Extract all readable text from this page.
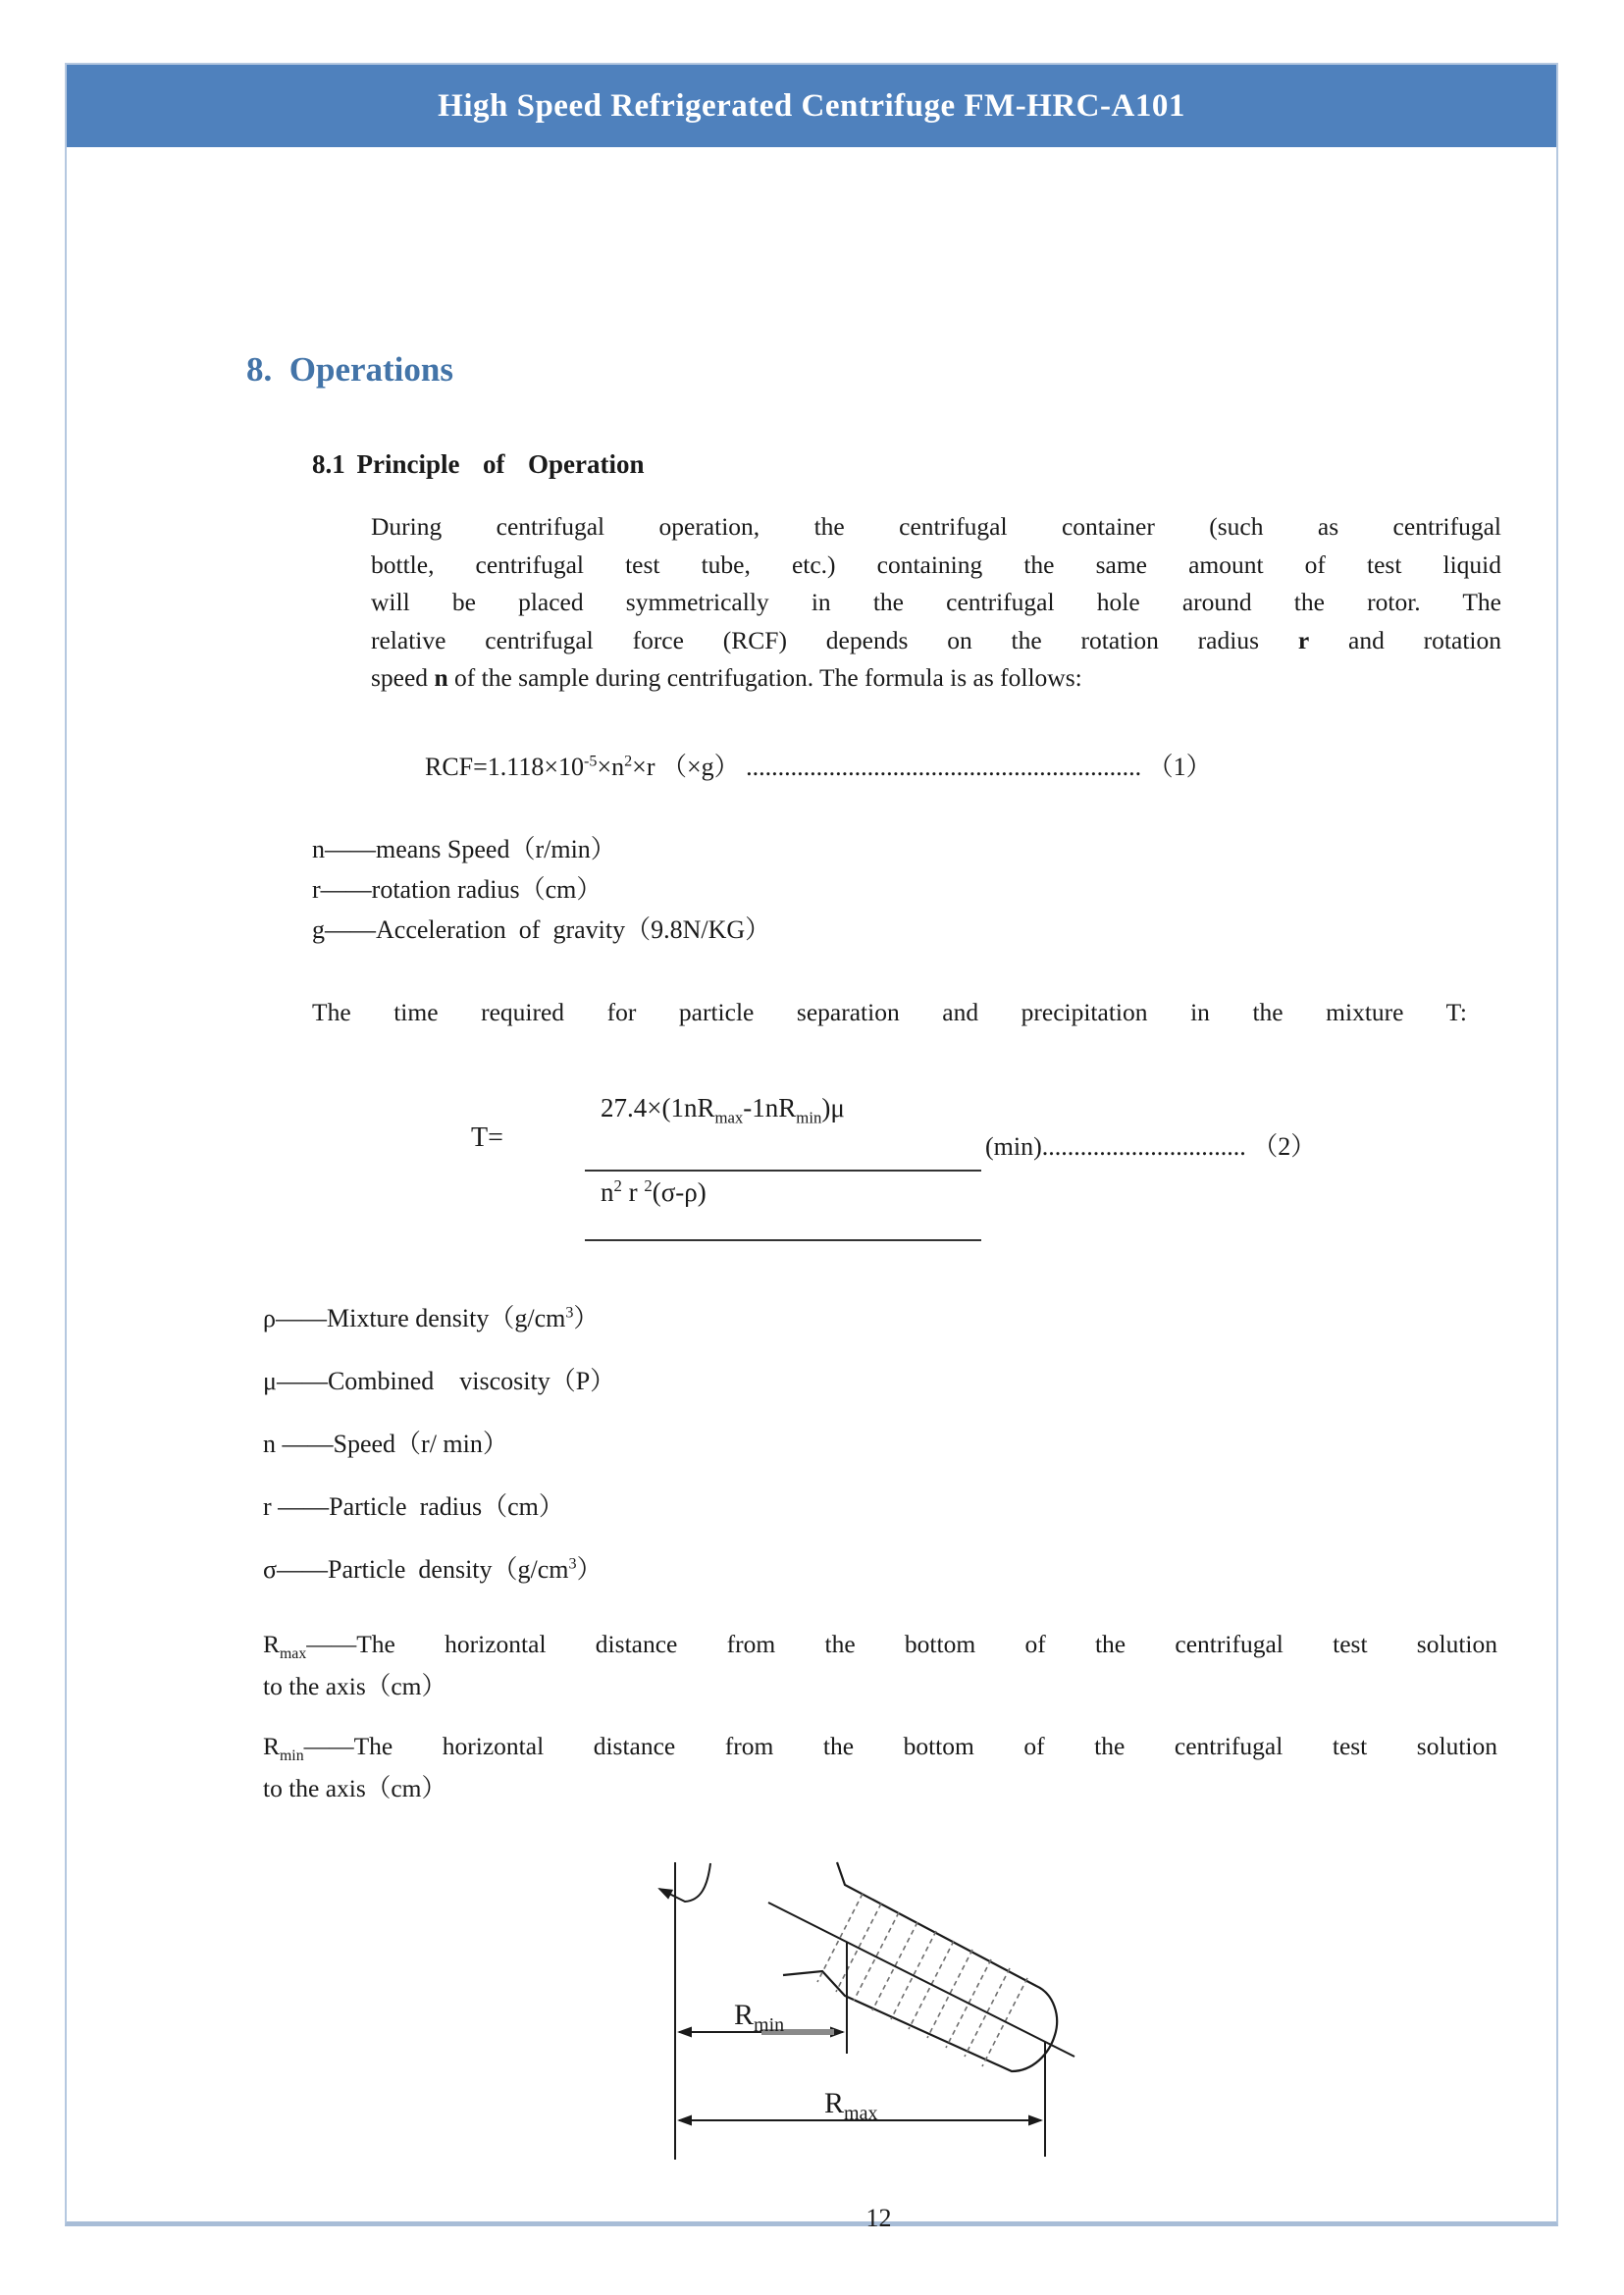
High Speed Refrigerated Centrifuge FM-HRC-A101
8.  Operations
8.1 Principle  of  Operation
During centrifugal operation, the centrifugal container (such as centrifugal
bottle, centrifugal test tube, etc.) containing the same amount of test liquid
will be placed symmetrically in the centrifugal hole around the rotor. The
relative centrifugal force (RCF) depends on the rotation radius r and rotation
speed n of the sample during centrifugation. The formula is as follows:
$RCF=1.118\times 10^{-5}\times n^2\times r$ （×g） .............................................................. （1）
n——means Speed（r/min）
r——rotation radius（cm）
g——Acceleration  of  gravity（9.8N/KG）
The time required for particle separation and precipitation in the mixture T:
T=
$27.4\times(1nR_{max}-1nR_{min})\mu$
$n^2$ r $^2$(σ-ρ)
(min)................................ （2）
ρ——Mixture $density(g/cm^3)$
μ——Combined    viscosity（P）
n ——Speed（r/ min）
r ——Particle  radius（cm）
σ——Particle  $density(g/cm^3)$
$R_{max}——The$ horizontal distance from the bottom of the centrifugal test solution
to the axis（cm）
$R_{min}——The$ horizontal distance from the bottom of the centrifugal test solution
to the axis（cm）
$R_{min}$
$R_{max}$
12
